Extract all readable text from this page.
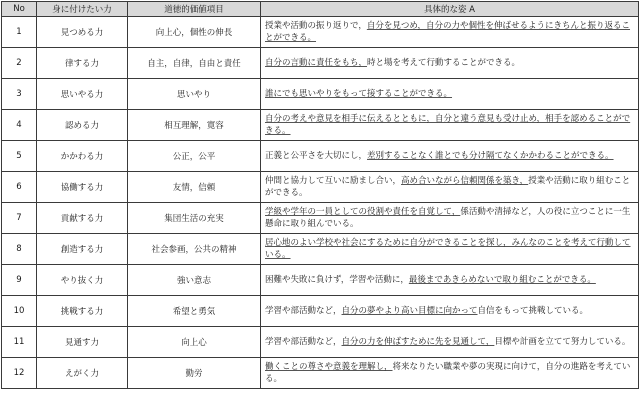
No	身に付けたい力	道徳的価値項目	具体的な姿 A
1	見つめる力	向上心，個性の伸長	授業や活動の振り返りで，自分を見つめ，自分の力や個性を伸ばせるようにきちんと振り返ることができる。
2	律する力	自主，自律，自由と責任	自分の言動に責任をもち，時と場を考えて行動することができる。
3	思いやる力	思いやり	誰にでも思いやりをもって接することができる。
4	認める力	相互理解，寛容	自分の考えや意見を相手に伝えるとともに，自分と違う意見も受け止め，相手を認めることができる。
5	かかわる力	公正，公平	正義と公平さを大切にし，差別することなく誰とでも分け隔てなくかかわることができる。
6	協働する力	友情，信頼	仲間と協力して互いに励まし合い，高め合いながら信頼関係を築き，授業や活動に取り組むことができる。
7	貢献する力	集団生活の充実	学級や学年の一員としての役割や責任を自覚して，係活動や清掃など，人の役に立つことに一生懸命に取り組んでいる。
8	創造する力	社会参画，公共の精神	居心地のよい学校や社会にするために自分ができることを探し，みんなのことを考えて行動している。
9	やり抜く力	強い意志	困難や失敗に負けず，学習や活動に，最後まであきらめないで取り組むことができる。
10	挑戦する力	希望と勇気	学習や部活動など，自分の夢やより高い目標に向かって自信をもって挑戦している。
11	見通す力	向上心	学習や部活動など，自分の力を伸ばすために先を見通して，目標や計画を立てて努力している。
12	えがく力	勤労	働くことの尊さや意義を理解し，将来なりたい職業や夢の実現に向けて，自分の進路を考えている。
